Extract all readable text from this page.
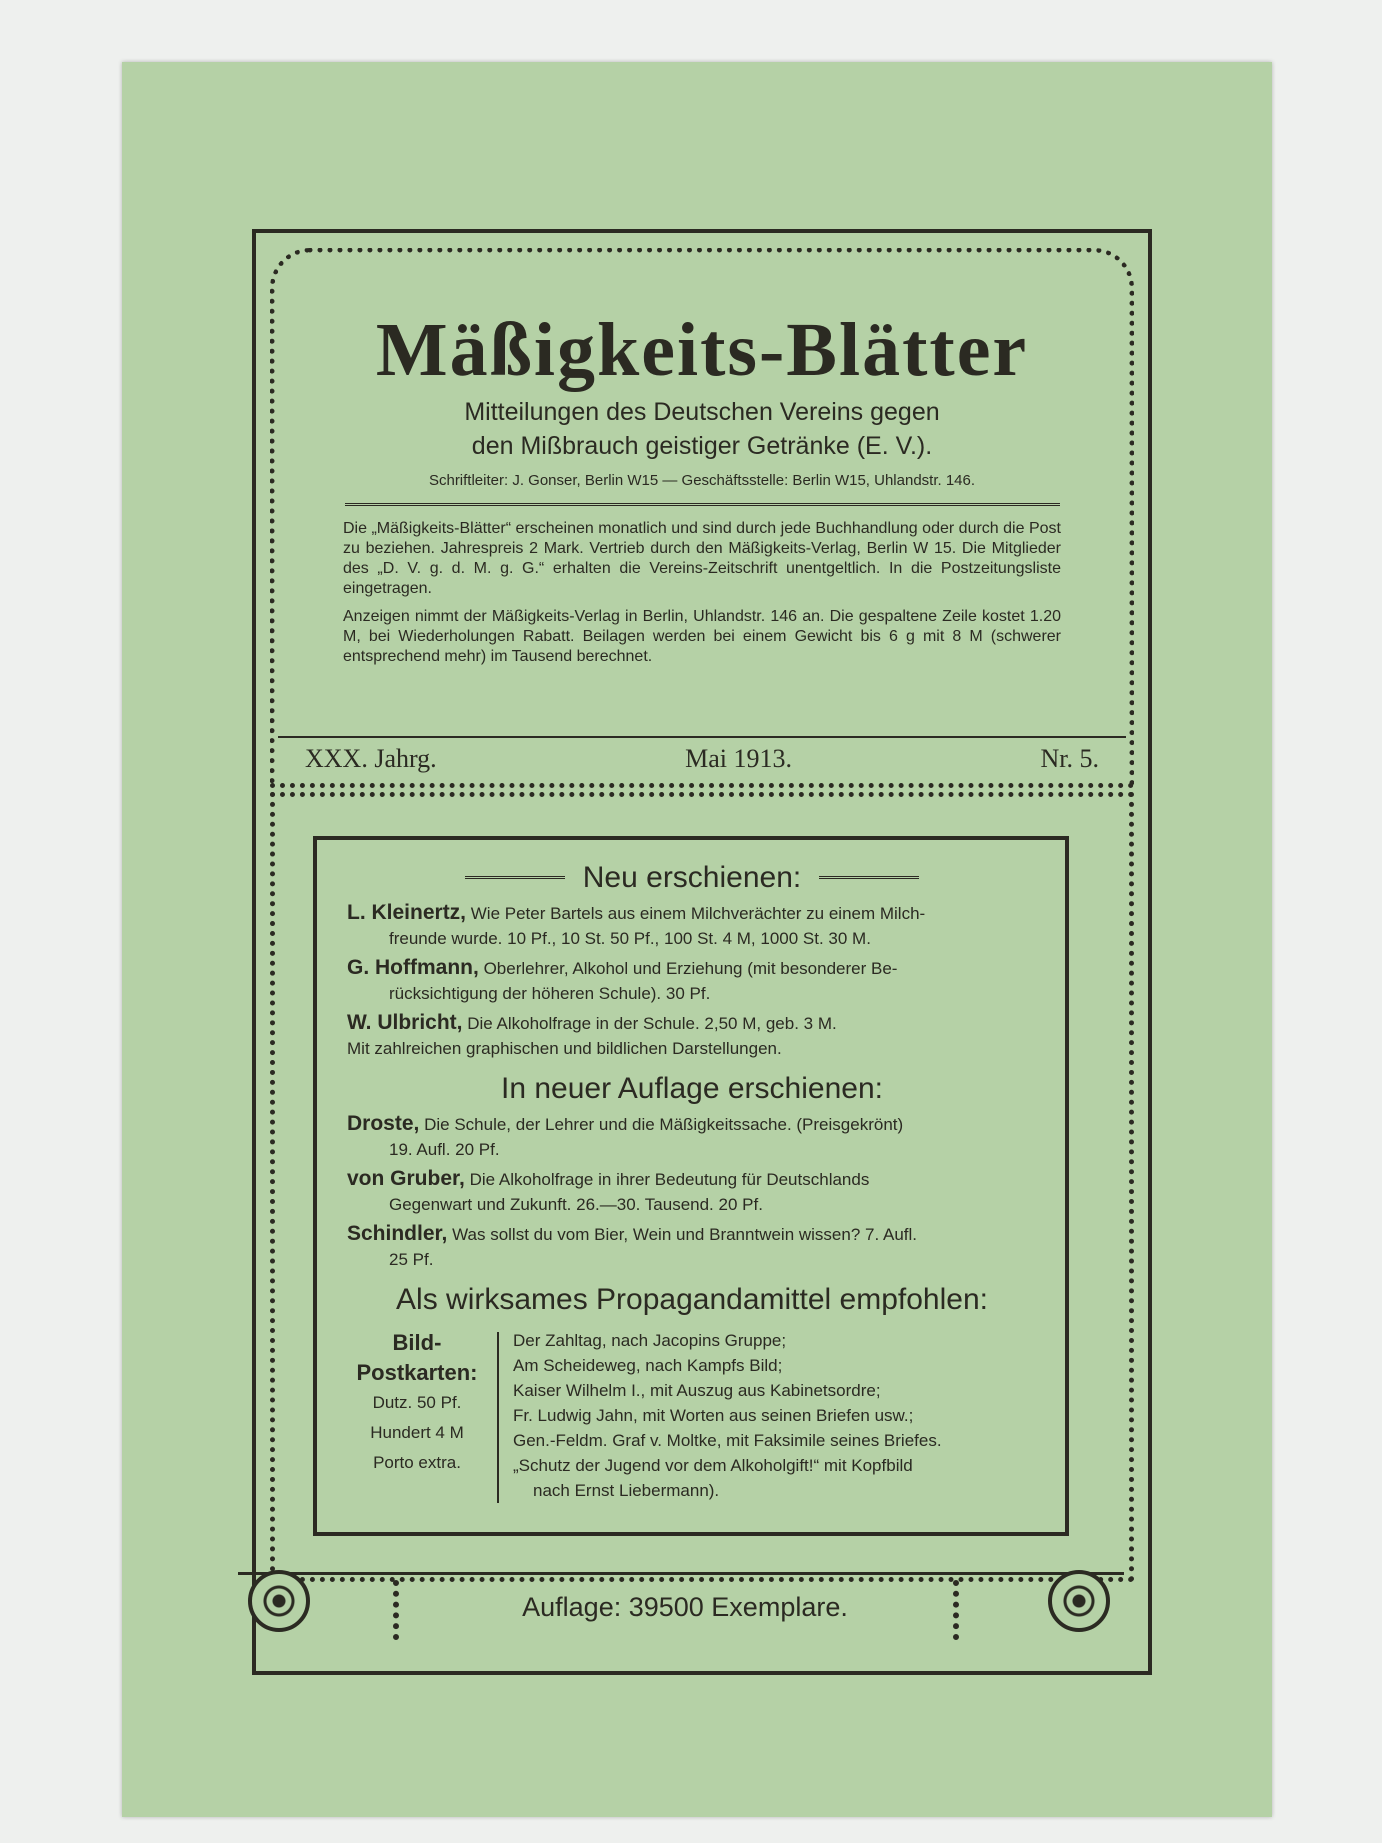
Mäßigkeits-Blätter
Mitteilungen des Deutschen Vereins gegen
den Mißbrauch geistiger Getränke (E. V.).
Schriftleiter: J. Gonser, Berlin W15 — Geschäftsstelle: Berlin W15, Uhlandstr. 146.
Die „Mäßigkeits-Blätter“ erscheinen monatlich und sind durch jede Buchhandlung oder durch die Post zu beziehen. Jahrespreis 2 Mark. Vertrieb durch den Mäßigkeits-Verlag, Berlin W 15. Die Mitglieder des „D. V. g. d. M. g. G.“ erhalten die Vereins-Zeitschrift unentgeltlich. In die Postzeitungsliste eingetragen.
Anzeigen nimmt der Mäßigkeits-Verlag in Berlin, Uhlandstr. 146 an. Die gespaltene Zeile kostet 1.20 M, bei Wiederholungen Rabatt. Beilagen werden bei einem Gewicht bis 6 g mit 8 M (schwerer entsprechend mehr) im Tausend berechnet.
XXX. Jahrg.	Mai 1913.	Nr. 5.
Neu erschienen:
L. Kleinertz, Wie Peter Bartels aus einem Milchverächter zu einem Milch-
freunde wurde. 10 Pf., 10 St. 50 Pf., 100 St. 4 M, 1000 St. 30 M.
G. Hoffmann, Oberlehrer, Alkohol und Erziehung (mit besonderer Be-
rücksichtigung der höheren Schule). 30 Pf.
W. Ulbricht, Die Alkoholfrage in der Schule. 2,50 M, geb. 3 M.
Mit zahlreichen graphischen und bildlichen Darstellungen.
In neuer Auflage erschienen:
Droste, Die Schule, der Lehrer und die Mäßigkeitssache. (Preisgekrönt)
19. Aufl. 20 Pf.
von Gruber, Die Alkoholfrage in ihrer Bedeutung für Deutschlands
Gegenwart und Zukunft. 26.—30. Tausend. 20 Pf.
Schindler, Was sollst du vom Bier, Wein und Branntwein wissen? 7. Aufl.
25 Pf.
Als wirksames Propagandamittel empfohlen:
Bild-
Postkarten:
Dutz. 50 Pf.
Hundert 4 M
Porto extra.
Der Zahltag, nach Jacopins Gruppe;
Am Scheideweg, nach Kampfs Bild;
Kaiser Wilhelm I., mit Auszug aus Kabinetsordre;
Fr. Ludwig Jahn, mit Worten aus seinen Briefen usw.;
Gen.-Feldm. Graf v. Moltke, mit Faksimile seines Briefes.
„Schutz der Jugend vor dem Alkoholgift!“ mit Kopfbild
nach Ernst Liebermann).
Auflage: 39500 Exemplare.
